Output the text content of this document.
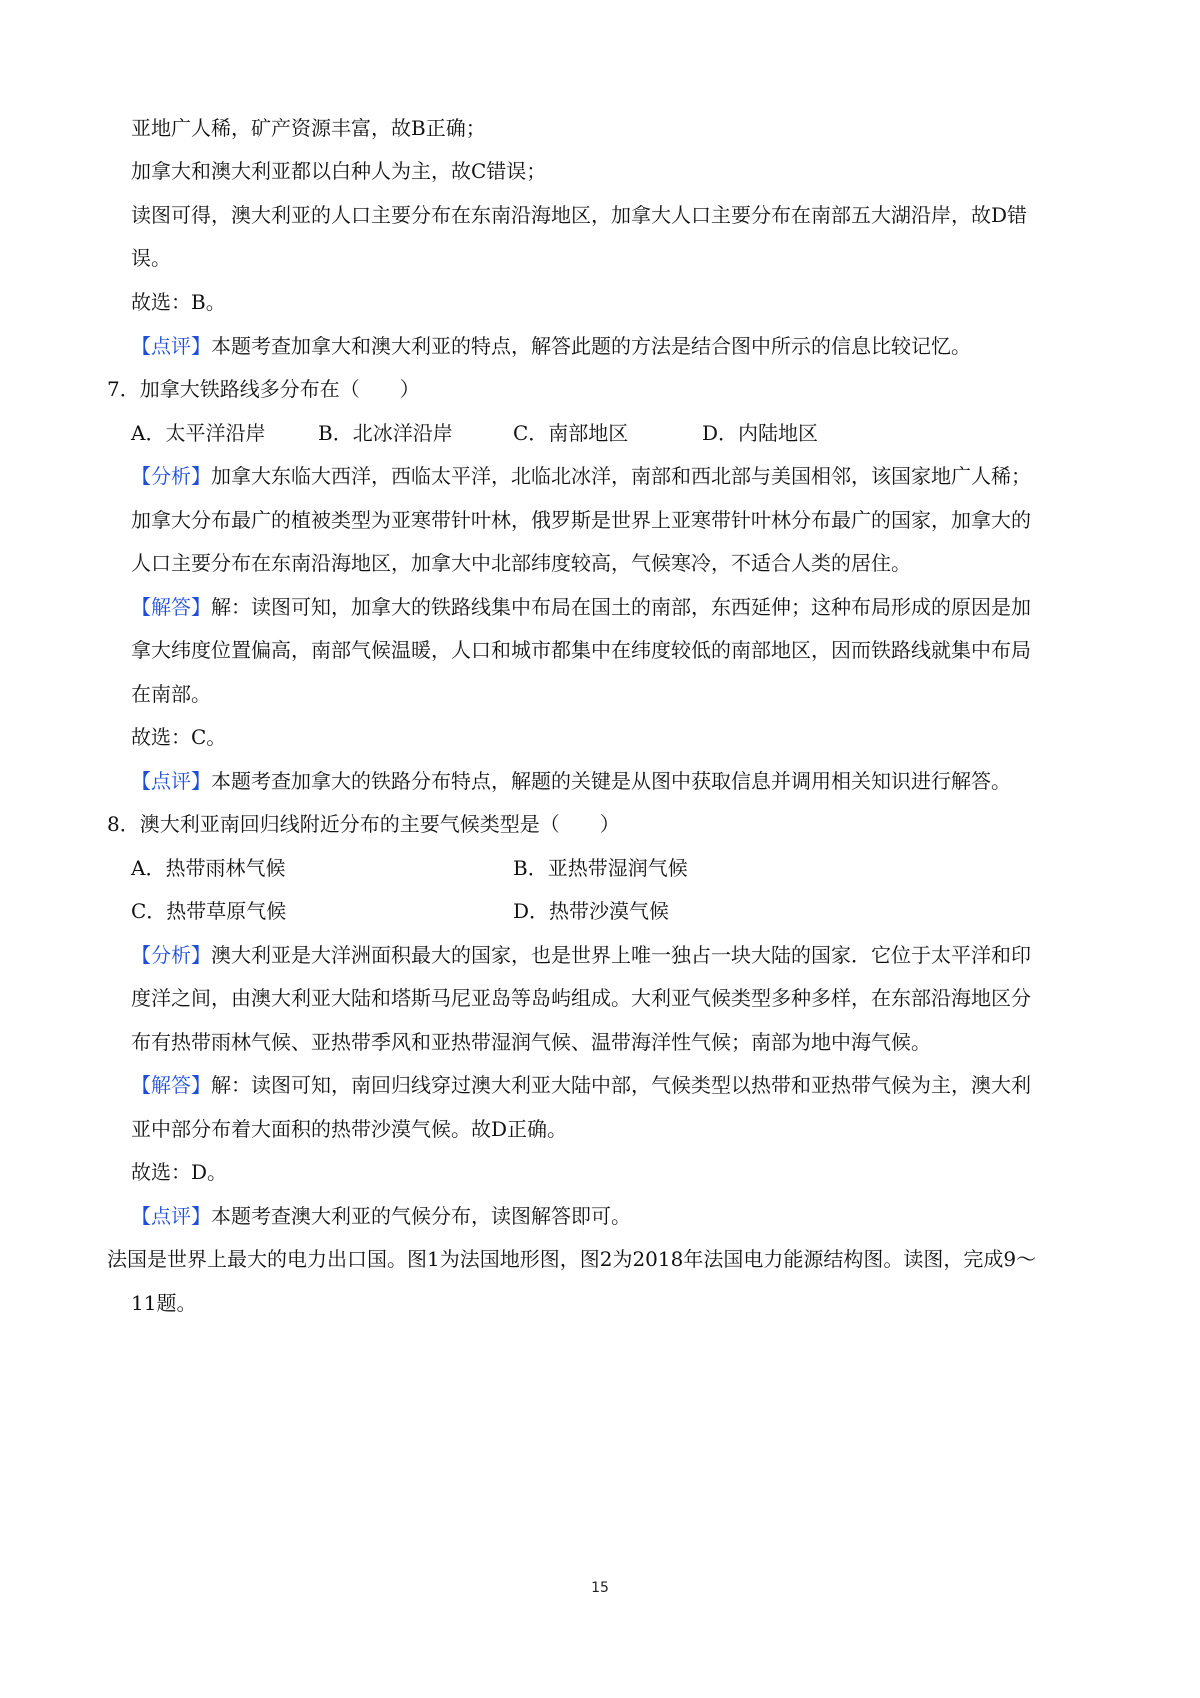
亚地广人稀，矿产资源丰富，故B正确；
加拿大和澳大利亚都以白种人为主，故C错误；
读图可得，澳大利亚的人口主要分布在东南沿海地区，加拿大人口主要分布在南部五大湖沿岸，故D错
误。
故选：B。
【点评】本题考查加拿大和澳大利亚的特点，解答此题的方法是结合图中所示的信息比较记忆。
7．加拿大铁路线多分布在（　　）
A．太平洋沿岸	B．北冰洋沿岸	C．南部地区	D．内陆地区
【分析】加拿大东临大西洋，西临太平洋，北临北冰洋，南部和西北部与美国相邻，该国家地广人稀；
加拿大分布最广的植被类型为亚寒带针叶林，俄罗斯是世界上亚寒带针叶林分布最广的国家，加拿大的
人口主要分布在东南沿海地区，加拿大中北部纬度较高，气候寒冷，不适合人类的居住。
【解答】解：读图可知，加拿大的铁路线集中布局在国土的南部，东西延伸；这种布局形成的原因是加
拿大纬度位置偏高，南部气候温暖，人口和城市都集中在纬度较低的南部地区，因而铁路线就集中布局
在南部。
故选：C。
【点评】本题考查加拿大的铁路分布特点，解题的关键是从图中获取信息并调用相关知识进行解答。
8．澳大利亚南回归线附近分布的主要气候类型是（　　）
A．热带雨林气候	B．亚热带湿润气候
C．热带草原气候	D．热带沙漠气候
【分析】澳大利亚是大洋洲面积最大的国家，也是世界上唯一独占一块大陆的国家．它位于太平洋和印
度洋之间，由澳大利亚大陆和塔斯马尼亚岛等岛屿组成。大利亚气候类型多种多样，在东部沿海地区分
布有热带雨林气候、亚热带季风和亚热带湿润气候、温带海洋性气候；南部为地中海气候。
【解答】解：读图可知，南回归线穿过澳大利亚大陆中部，气候类型以热带和亚热带气候为主，澳大利
亚中部分布着大面积的热带沙漠气候。故D正确。
故选：D。
【点评】本题考查澳大利亚的气候分布，读图解答即可。
法国是世界上最大的电力出口国。图1为法国地形图，图2为2018年法国电力能源结构图。读图，完成9～
11题。
15
